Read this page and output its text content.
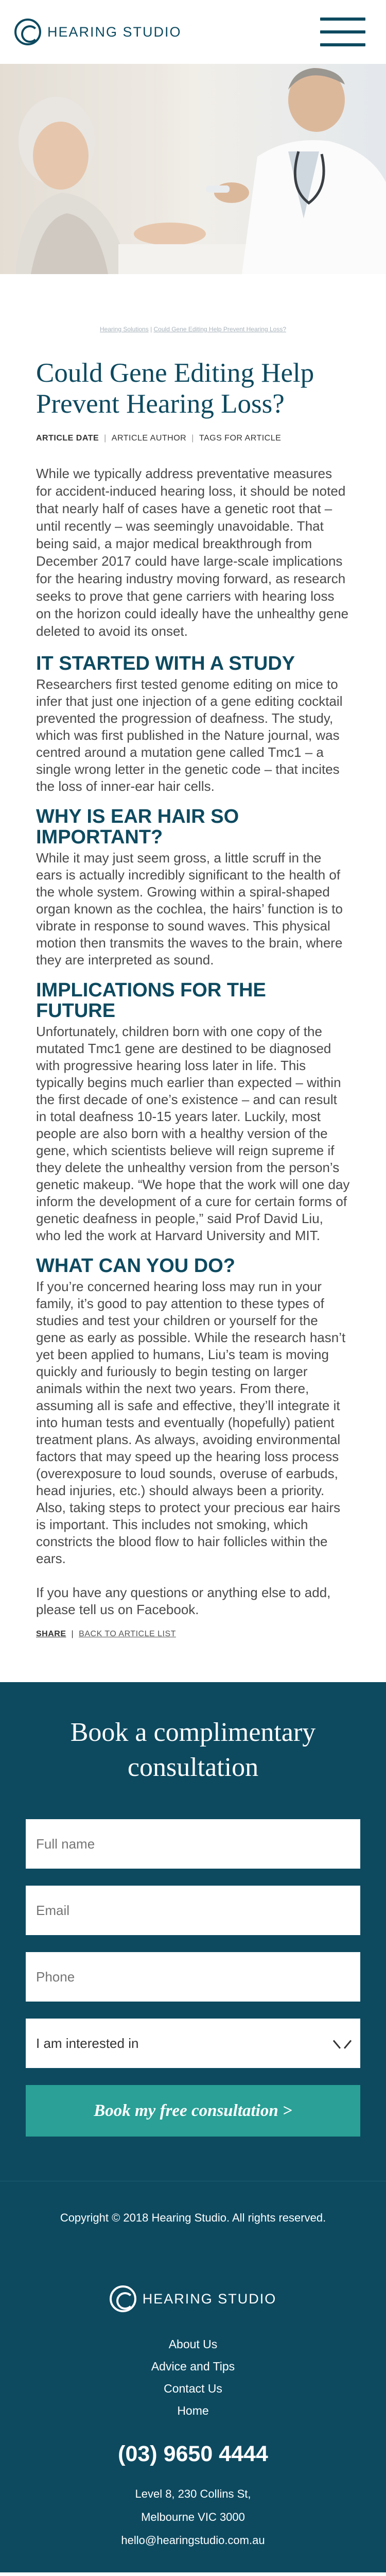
HEARING STUDIO
Hearing Solutions | Could Gene Editing Help Prevent Hearing Loss?
Could Gene Editing Help Prevent Hearing Loss?
ARTICLE DATE | ARTICLE AUTHOR | TAGS FOR ARTICLE

While we typically address preventative measures for accident-induced hearing loss, it should be noted that nearly half of cases have a genetic root that – until recently – was seemingly unavoidable. That being said, a major medical breakthrough from December 2017 could have large-scale implications for the hearing industry moving forward, as research seeks to prove that gene carriers with hearing loss on the horizon could ideally have the unhealthy gene deleted to avoid its onset.

IT STARTED WITH A STUDY

Researchers first tested genome editing on mice to infer that just one injection of a gene editing cocktail prevented the progression of deafness. The study, which was first published in the Nature journal, was centred around a mutation gene called Tmc1 – a single wrong letter in the genetic code – that incites the loss of inner-ear hair cells.

WHY IS EAR HAIR SO IMPORTANT?

While it may just seem gross, a little scruff in the ears is actually incredibly significant to the health of the whole system. Growing within a spiral-shaped organ known as the cochlea, the hairs’ function is to vibrate in response to sound waves. This physical motion then transmits the waves to the brain, where they are interpreted as sound.

IMPLICATIONS FOR THE FUTURE

Unfortunately, children born with one copy of the mutated Tmc1 gene are destined to be diagnosed with progressive hearing loss later in life. This typically begins much earlier than expected – within the first decade of one’s existence – and can result in total deafness 10-15 years later. Luckily, most people are also born with a healthy version of the gene, which scientists believe will reign supreme if they delete the unhealthy version from the person’s genetic makeup. “We hope that the work will one day inform the development of a cure for certain forms of genetic deafness in people,” said Prof David Liu, who led the work at Harvard University and MIT.

WHAT CAN YOU DO?

If you’re concerned hearing loss may run in your family, it’s good to pay attention to these types of studies and test your children or yourself for the gene as early as possible. While the research hasn’t yet been applied to humans, Liu’s team is moving quickly and furiously to begin testing on larger animals within the next two years. From there, assuming all is safe and effective, they’ll integrate it into human tests and eventually (hopefully) patient treatment plans. As always, avoiding environmental factors that may speed up the hearing loss process (overexposure to loud sounds, overuse of earbuds, head injuries, etc.) should always been a priority. Also, taking steps to protect your precious ear hairs is important. This includes not smoking, which constricts the blood flow to hair follicles within the ears.

If you have any questions or anything else to add, please tell us on Facebook.

SHARE | BACK TO ARTICLE LIST
Book a complimentary consultation
Full name
Email
Phone
I am interested in
Book my free consultation >
Copyright © 2018 Hearing Studio. All rights reserved.
HEARING STUDIO
About Us
Advice and Tips
Contact Us
Home
(03) 9650 4444
Level 8, 230 Collins St,
Melbourne VIC 3000
hello@hearingstudio.com.au
